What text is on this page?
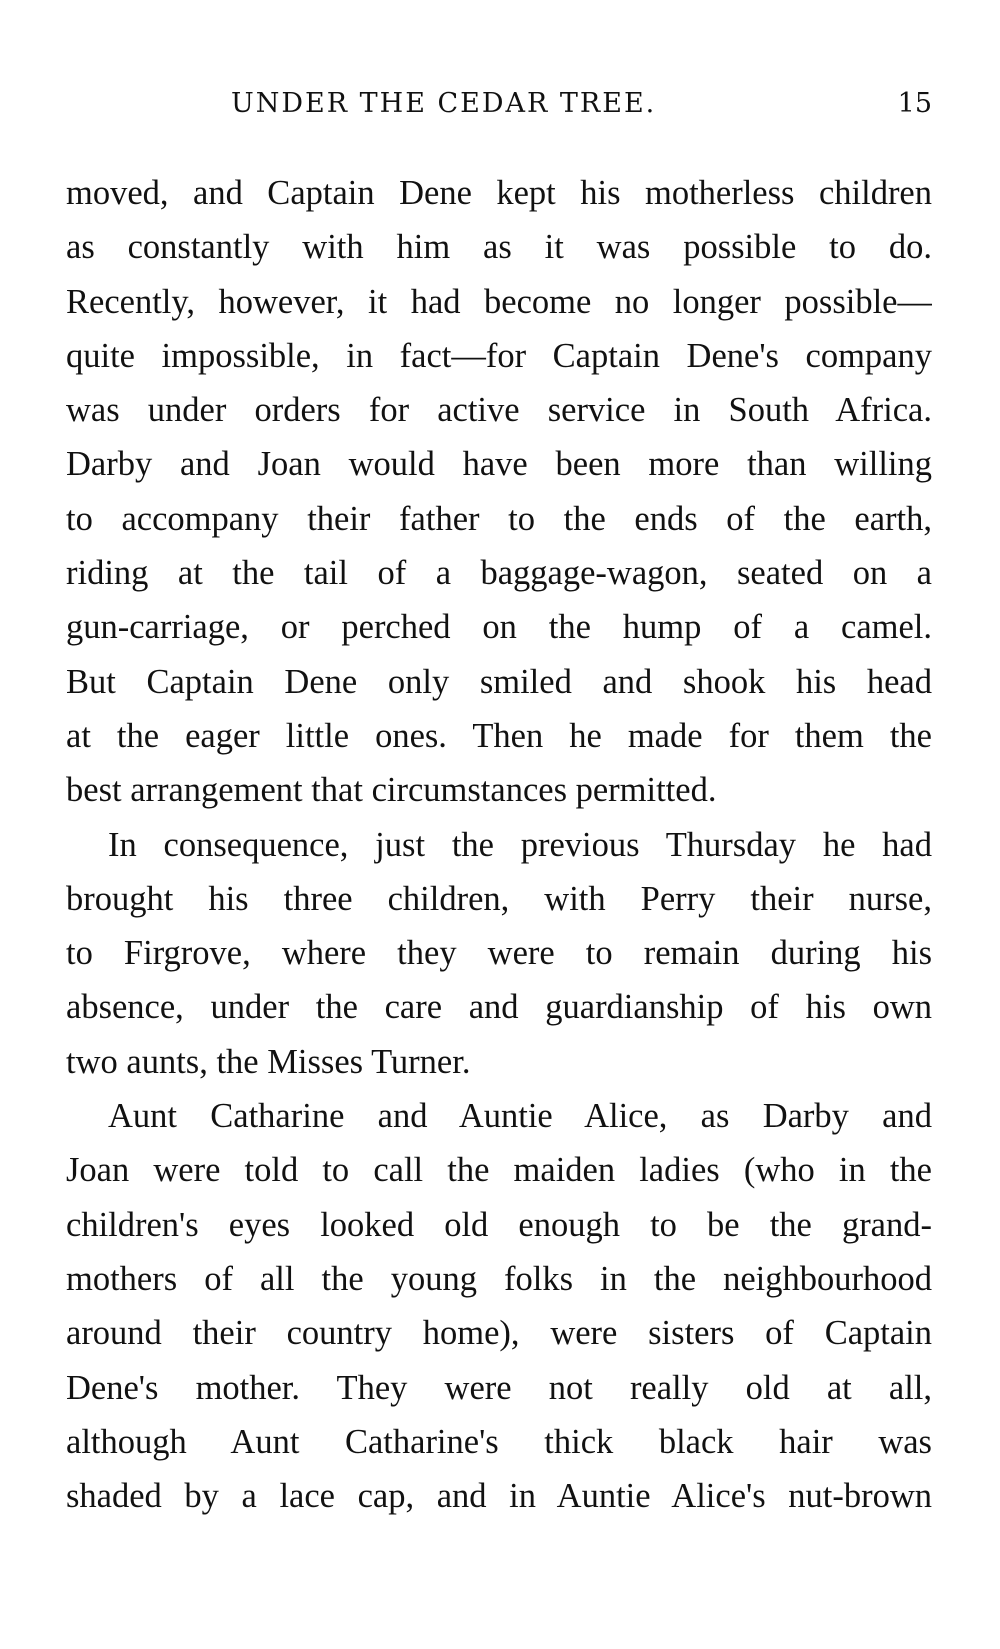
UNDER THE CEDAR TREE.	15
moved, and Captain Dene kept his motherless children
as constantly with him as it was possible to do.
Recently, however, it had become no longer possible—
quite impossible, in fact—for Captain Dene's company
was under orders for active service in South Africa.
Darby and Joan would have been more than willing
to accompany their father to the ends of the earth,
riding at the tail of a baggage-wagon, seated on a
gun-carriage, or perched on the hump of a camel.
But Captain Dene only smiled and shook his head
at the eager little ones. Then he made for them the
best arrangement that circumstances permitted.
In consequence, just the previous Thursday he had
brought his three children, with Perry their nurse,
to Firgrove, where they were to remain during his
absence, under the care and guardianship of his own
two aunts, the Misses Turner.
Aunt Catharine and Auntie Alice, as Darby and
Joan were told to call the maiden ladies (who in the
children's eyes looked old enough to be the grand-
mothers of all the young folks in the neighbourhood
around their country home), were sisters of Captain
Dene's mother. They were not really old at all,
although Aunt Catharine's thick black hair was
shaded by a lace cap, and in Auntie Alice's nut-brown
